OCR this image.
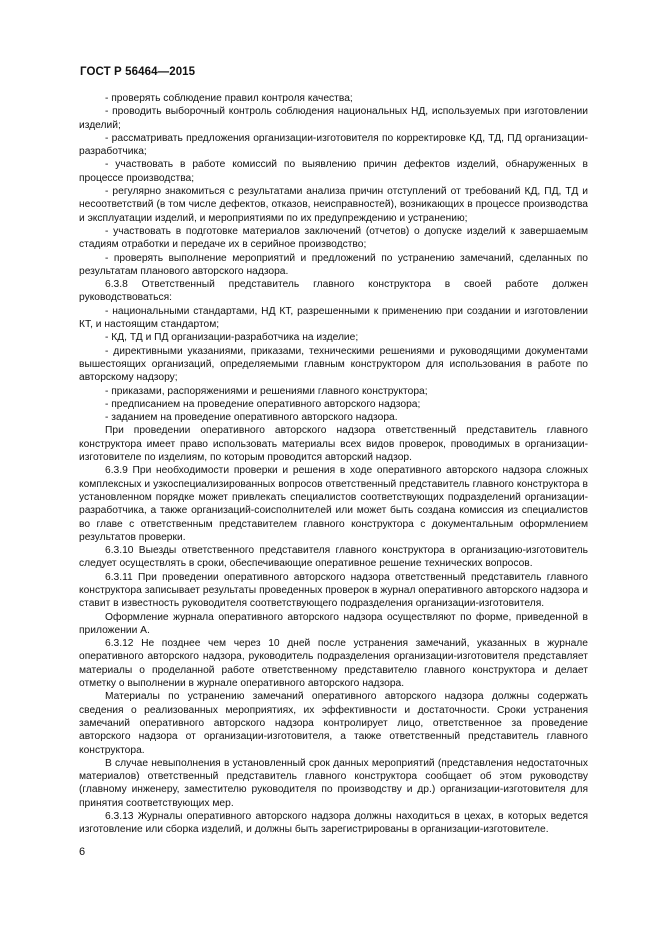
ГОСТ Р 56464—2015

- проверять соблюдение правил контроля качества;

- проводить выборочный контроль соблюдения национальных НД, используемых при изготовлении изделий;

- рассматривать предложения организации-изготовителя по корректировке КД, ТД, ПД организации-разработчика;

- участвовать в работе комиссий по выявлению причин дефектов изделий, обнаруженных в процессе производства;

- регулярно знакомиться с результатами анализа причин отступлений от требований КД, ПД, ТД и несоответствий (в том числе дефектов, отказов, неисправностей), возникающих в процессе производства и эксплуатации изделий, и мероприятиями по их предупреждению и устранению;

- участвовать в подготовке материалов заключений (отчетов) о допуске изделий к завершаемым стадиям отработки и передаче их в серийное производство;

- проверять выполнение мероприятий и предложений по устранению замечаний, сделанных по результатам планового авторского надзора.

6.3.8 Ответственный представитель главного конструктора в своей работе должен руководствоваться:

- национальными стандартами, НД КТ, разрешенными к применению при создании и изготовлении КТ, и настоящим стандартом;

- КД, ТД и ПД организации-разработчика на изделие;

- директивными указаниями, приказами, техническими решениями и руководящими документами вышестоящих организаций, определяемыми главным конструктором для использования в работе по авторскому надзору;

- приказами, распоряжениями и решениями главного конструктора;

- предписанием на проведение оперативного авторского надзора;

- заданием на проведение оперативного авторского надзора.

При проведении оперативного авторского надзора ответственный представитель главного конструктора имеет право использовать материалы всех видов проверок, проводимых в организации-изготовителе по изделиям, по которым проводится авторский надзор.

6.3.9 При необходимости проверки и решения в ходе оперативного авторского надзора сложных комплексных и узкоспециализированных вопросов ответственный представитель главного конструктора в установленном порядке может привлекать специалистов соответствующих подразделений организации-разработчика, а также организаций-соисполнителей или может быть создана комиссия из специалистов во главе с ответственным представителем главного конструктора с документальным оформлением результатов проверки.

6.3.10 Выезды ответственного представителя главного конструктора в организацию-изготовитель следует осуществлять в сроки, обеспечивающие оперативное решение технических вопросов.

6.3.11 При проведении оперативного авторского надзора ответственный представитель главного конструктора записывает результаты проведенных проверок в журнал оперативного авторского надзора и ставит в известность руководителя соответствующего подразделения организации-изготовителя.

Оформление журнала оперативного авторского надзора осуществляют по форме, приведенной в приложении А.

6.3.12 Не позднее чем через 10 дней после устранения замечаний, указанных в журнале оперативного авторского надзора, руководитель подразделения организации-изготовителя представляет материалы о проделанной работе ответственному представителю главного конструктора и делает отметку о выполнении в журнале оперативного авторского надзора.

Материалы по устранению замечаний оперативного авторского надзора должны содержать сведения о реализованных мероприятиях, их эффективности и достаточности. Сроки устранения замечаний оперативного авторского надзора контролирует лицо, ответственное за проведение авторского надзора от организации-изготовителя, а также ответственный представитель главного конструктора.

В случае невыполнения в установленный срок данных мероприятий (представления недостаточных материалов) ответственный представитель главного конструктора сообщает об этом руководству (главному инженеру, заместителю руководителя по производству и др.) организации-изготовителя для принятия соответствующих мер.

6.3.13 Журналы оперативного авторского надзора должны находиться в цехах, в которых ведется изготовление или сборка изделий, и должны быть зарегистрированы в организации-изготовителе.

6
